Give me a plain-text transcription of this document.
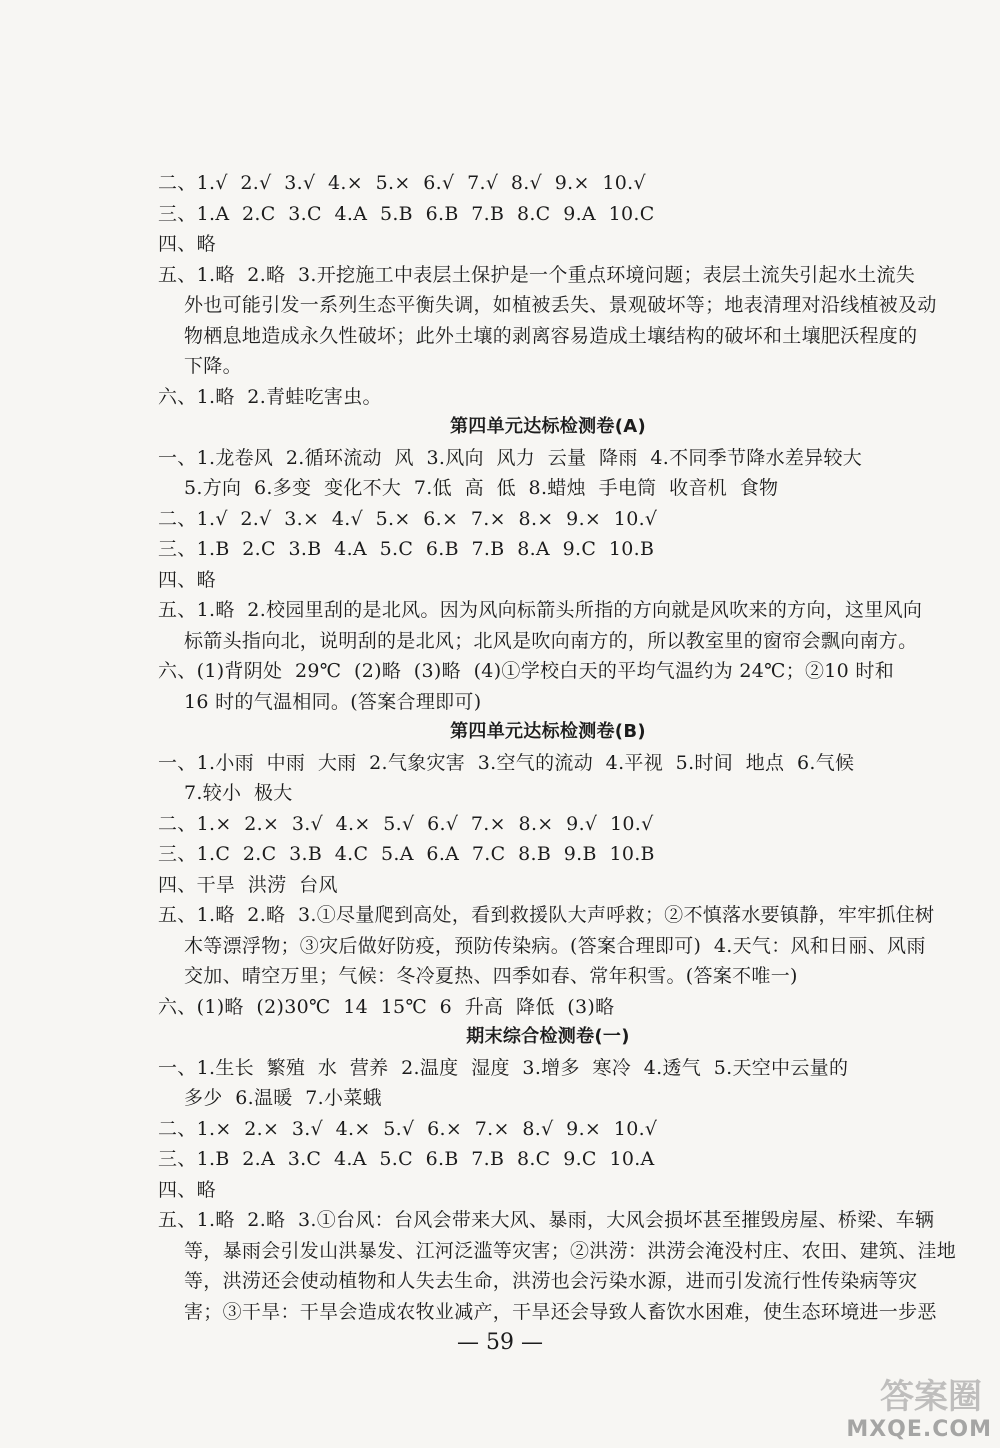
二、1.√  2.√  3.√  4.×  5.×  6.√  7.√  8.√  9.×  10.√
三、1.A  2.C  3.C  4.A  5.B  6.B  7.B  8.C  9.A  10.C
四、略
五、1.略  2.略  3.开挖施工中表层土保护是一个重点环境问题；表层土流失引起水土流失
外也可能引发一系列生态平衡失调，如植被丢失、景观破坏等；地表清理对沿线植被及动
物栖息地造成永久性破坏；此外土壤的剥离容易造成土壤结构的破坏和土壤肥沃程度的
下降。
六、1.略  2.青蛙吃害虫。
第四单元达标检测卷(A)
一、1.龙卷风  2.循环流动  风  3.风向  风力  云量  降雨  4.不同季节降水差异较大
5.方向  6.多变  变化不大  7.低  高  低  8.蜡烛  手电筒  收音机  食物
二、1.√  2.√  3.×  4.√  5.×  6.×  7.×  8.×  9.×  10.√
三、1.B  2.C  3.B  4.A  5.C  6.B  7.B  8.A  9.C  10.B
四、略
五、1.略  2.校园里刮的是北风。因为风向标箭头所指的方向就是风吹来的方向，这里风向
标箭头指向北，说明刮的是北风；北风是吹向南方的，所以教室里的窗帘会飘向南方。
六、(1)背阴处  29℃  (2)略  (3)略  (4)①学校白天的平均气温约为 24℃；②10 时和
16 时的气温相同。(答案合理即可)
第四单元达标检测卷(B)
一、1.小雨  中雨  大雨  2.气象灾害  3.空气的流动  4.平视  5.时间  地点  6.气候
7.较小  极大
二、1.×  2.×  3.√  4.×  5.√  6.√  7.×  8.×  9.√  10.√
三、1.C  2.C  3.B  4.C  5.A  6.A  7.C  8.B  9.B  10.B
四、干旱  洪涝  台风
五、1.略  2.略  3.①尽量爬到高处，看到救援队大声呼救；②不慎落水要镇静，牢牢抓住树
木等漂浮物；③灾后做好防疫，预防传染病。(答案合理即可)  4.天气：风和日丽、风雨
交加、晴空万里；气候：冬冷夏热、四季如春、常年积雪。(答案不唯一)
六、(1)略  (2)30℃  14  15℃  6  升高  降低  (3)略
期末综合检测卷(一)
一、1.生长  繁殖  水  营养  2.温度  湿度  3.增多  寒冷  4.透气  5.天空中云量的
多少  6.温暖  7.小菜蛾
二、1.×  2.×  3.√  4.×  5.√  6.×  7.×  8.√  9.×  10.√
三、1.B  2.A  3.C  4.A  5.C  6.B  7.B  8.C  9.C  10.A
四、略
五、1.略  2.略  3.①台风：台风会带来大风、暴雨，大风会损坏甚至摧毁房屋、桥梁、车辆
等，暴雨会引发山洪暴发、江河泛滥等灾害；②洪涝：洪涝会淹没村庄、农田、建筑、洼地
等，洪涝还会使动植物和人失去生命，洪涝也会污染水源，进而引发流行性传染病等灾
害；③干旱：干旱会造成农牧业减产，干旱还会导致人畜饮水困难，使生态环境进一步恶
— 59 —
答案圈
MXQE.COM
